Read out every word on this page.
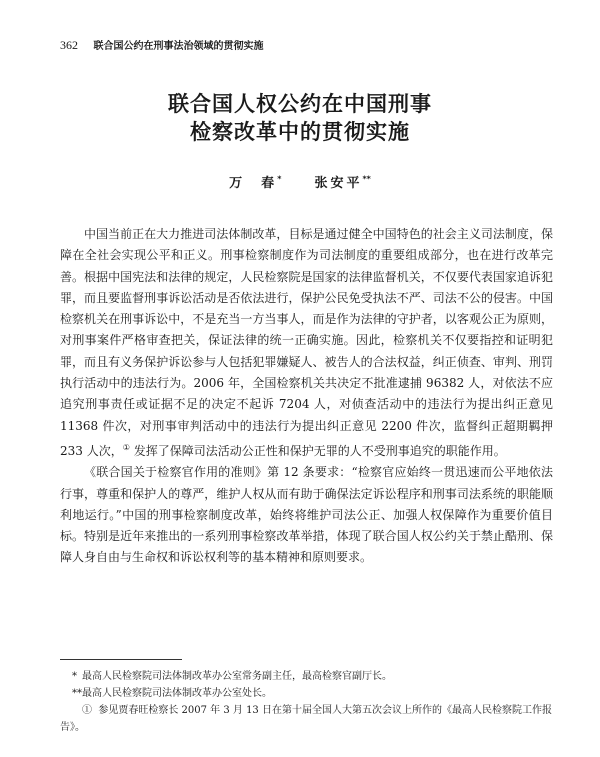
362 联合国公约在刑事法治领域的贯彻实施
联合国人权公约在中国刑事
检察改革中的贯彻实施
万　春*	张安平**

中国当前正在大力推进司法体制改革，目标是通过健全中国特色的社会主义司法制度，保障在全社会实现公平和正义。刑事检察制度作为司法制度的重要组成部分，也在进行改革完善。根据中国宪法和法律的规定，人民检察院是国家的法律监督机关，不仅要代表国家追诉犯罪，而且要监督刑事诉讼活动是否依法进行，保护公民免受执法不严、司法不公的侵害。中国检察机关在刑事诉讼中，不是充当一方当事人，而是作为法律的守护者，以客观公正为原则，对刑事案件严格审查把关，保证法律的统一正确实施。因此，检察机关不仅要指控和证明犯罪，而且有义务保护诉讼参与人包括犯罪嫌疑人、被告人的合法权益，纠正侦查、审判、刑罚执行活动中的违法行为。2006 年，全国检察机关共决定不批准逮捕 96382 人，对依法不应追究刑事责任或证据不足的决定不起诉 7204 人，对侦查活动中的违法行为提出纠正意见 11368 件次，对刑事审判活动中的违法行为提出纠正意见 2200 件次，监督纠正超期羁押 233 人次，① 发挥了保障司法活动公正性和保护无罪的人不受刑事追究的职能作用。

《联合国关于检察官作用的准则》第 12 条要求：“检察官应始终一贯迅速而公平地依法行事，尊重和保护人的尊严，维护人权从而有助于确保法定诉讼程序和刑事司法系统的职能顺利地运行。”中国的刑事检察制度改革，始终将维护司法公正、加强人权保障作为重要价值目标。特别是近年来推出的一系列刑事检察改革举措，体现了联合国人权公约关于禁止酷刑、保障人身自由与生命权和诉讼权利等的基本精神和原则要求。

* 最高人民检察院司法体制改革办公室常务副主任，最高检察官副厅长。
**最高人民检察院司法体制改革办公室处长。
① 参见贾春旺检察长 2007 年 3 月 13 日在第十届全国人大第五次会议上所作的《最高人民检察院工作报告》。
